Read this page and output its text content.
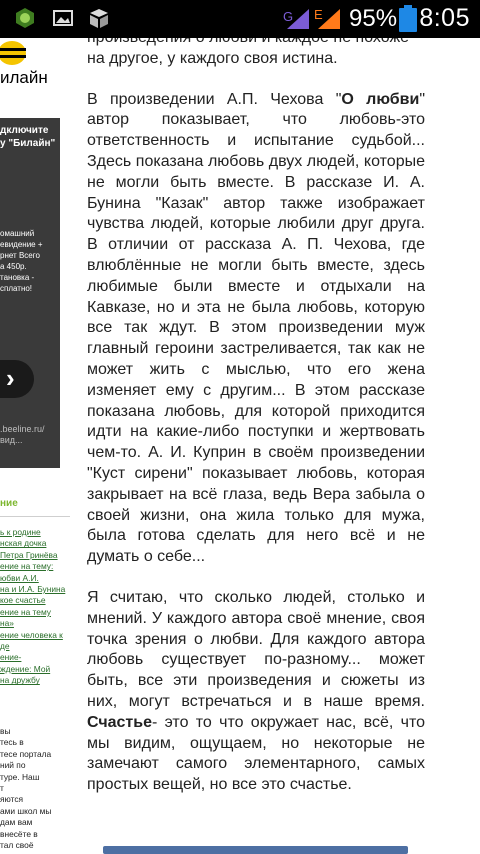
G E 95% 8:05
илайн
дключите
у "Билайн"
омашний
евидение +
рнет Всего
а 450р.
тановка -
сплатно!
›
.beeline.ru/
вид...
ние
ь к родине
нская дочка
Петра Гринёва
ение на тему:
юбви А.И.
на и И.А. Бунина
кое счастье
ение на тему
на»
ение человека к
де
ение-
ждение: Мой
на дружбу
вы
тесь в
тесе портала
ний по
туре. Наш
т
яются
ами школ мы
дам вам
внесёте в
тал своё

на другое, у каждого своя истина.

В произведении А.П. Чехова "О любви" автор показывает, что любовь-это ответственность и испытание судьбой... Здесь показана любовь двух людей, которые не могли быть вместе. В рассказе И. А. Бунина "Казак" автор также изображает чувства людей, которые любили друг друга. В отличии от рассказа А. П. Чехова, где влюблённые не могли быть вместе, здесь любимые были вместе и отдыхали на Кавказе, но и эта не была любовь, которую все так ждут. В этом произведении муж главный героини застреливается, так как не может жить с мыслью, что его жена изменяет ему с другим... В этом рассказе показана любовь, для которой приходится идти на какие-либо поступки и жертвовать чем-то. А. И. Куприн в своём произведении "Куст сирени" показывает любовь, которая закрывает на всё глаза, ведь Вера забыла о своей жизни, она жила только для мужа, была готова сделать для него всё и не думать о себе...

Я считаю, что сколько людей, столько и мнений. У каждого автора своё мнение, своя точка зрения о любви. Для каждого автора любовь существует по-разному... может быть, все эти произведения и сюжеты из них, могут встречаться и в наше время. Счастье- это то что окружает нас, всё, что мы видим, ощущаем, но некоторые не замечают самого элементарного, самых простых вещей, но все это счастье.
